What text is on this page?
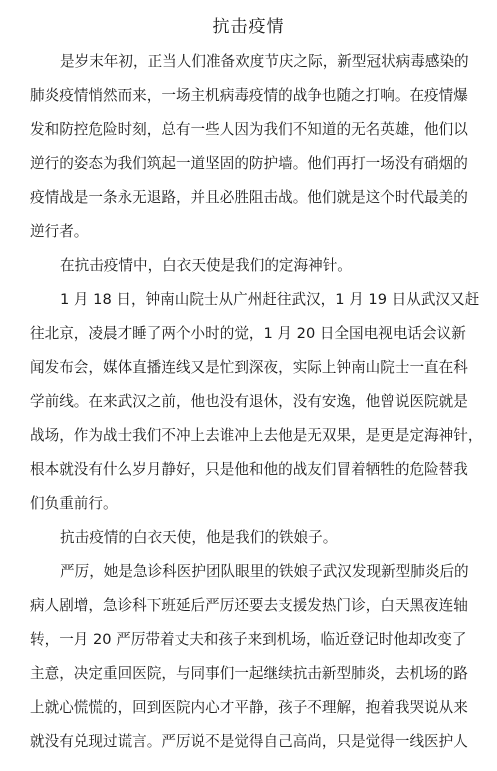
抗击疫情

是岁末年初，正当人们准备欢度节庆之际，新型冠状病毒感染的

肺炎疫情悄然而来，一场主机病毒疫情的战争也随之打响。在疫情爆

发和防控危险时刻，总有一些人因为我们不知道的无名英雄，他们以

逆行的姿态为我们筑起一道坚固的防护墙。他们再打一场没有硝烟的

疫情战是一条永无退路，并且必胜阻击战。他们就是这个时代最美的

逆行者。

在抗击疫情中，白衣天使是我们的定海神针。

1 月 18 日，钟南山院士从广州赶往武汉，1 月 19 日从武汉又赶

往北京，凌晨才睡了两个小时的觉，1 月 20 日全国电视电话会议新

闻发布会，媒体直播连线又是忙到深夜，实际上钟南山院士一直在科

学前线。在来武汉之前，他也没有退休，没有安逸，他曾说医院就是

战场，作为战士我们不冲上去谁冲上去他是无双果，是更是定海神针，

根本就没有什么岁月静好，只是他和他的战友们冒着牺牲的危险替我

们负重前行。

抗击疫情的白衣天使，他是我们的铁娘子。

严厉，她是急诊科医护团队眼里的铁娘子武汉发现新型肺炎后的

病人剧增，急诊科下班延后严厉还要去支援发热门诊，白天黑夜连轴

转，一月 20 严厉带着丈夫和孩子来到机场，临近登记时他却改变了

主意，决定重回医院，与同事们一起继续抗击新型肺炎，去机场的路

上就心慌慌的，回到医院内心才平静，孩子不理解，抱着我哭说从来

就没有兑现过谎言。严厉说不是觉得自己高尚，只是觉得一线医护人
